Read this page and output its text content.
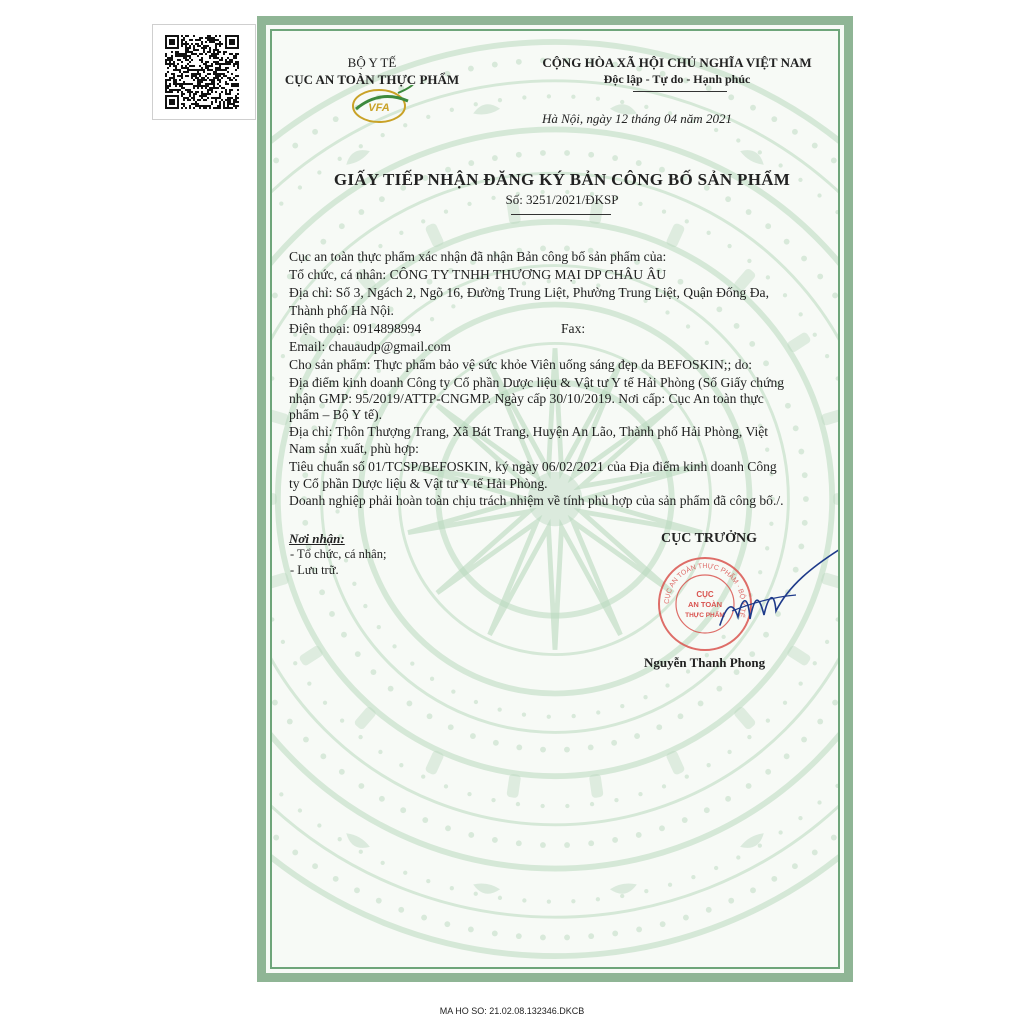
BỘ Y TẾ
CỤC AN TOÀN THỰC PHẨM
VFA
CỘNG HÒA XÃ HỘI CHỦ NGHĨA VIỆT NAM
Độc lập - Tự do - Hạnh phúc
Hà Nội, ngày 12 tháng 04 năm 2021
GIẤY TIẾP NHẬN ĐĂNG KÝ BẢN CÔNG BỐ SẢN PHẨM
Số: 3251/2021/ĐKSP
Cục an toàn thực phẩm xác nhận đã nhận Bản công bố sản phẩm của:
Tổ chức, cá nhân: CÔNG TY TNHH THƯƠNG MẠI DP CHÂU ÂU
Địa chỉ: Số 3, Ngách 2, Ngõ 16, Đường Trung Liệt, Phường Trung Liệt, Quận Đống Đa,
Thành phố Hà Nội.
Điện thoại: 0914898994	Fax:
Email: chauaudp@gmail.com
Cho sản phẩm: Thực phẩm bảo vệ sức khỏe Viên uống sáng đẹp da BEFOSKIN;; do:
Địa điểm kinh doanh Công ty Cổ phần Dược liệu & Vật tư Y tế Hải Phòng (Số Giấy chứng
nhận GMP: 95/2019/ATTP-CNGMP. Ngày cấp 30/10/2019. Nơi cấp: Cục An toàn thực
phẩm – Bộ Y tế).
Địa chỉ: Thôn Thượng Trang, Xã Bát Trang, Huyện An Lão, Thành phố Hải Phòng, Việt
Nam sản xuất, phù hợp:
Tiêu chuẩn số 01/TCSP/BEFOSKIN, ký ngày 06/02/2021 của Địa điểm kinh doanh Công
ty Cổ phần Dược liệu & Vật tư Y tế Hải Phòng.
Doanh nghiệp phải hoàn toàn chịu trách nhiệm về tính phù hợp của sản phẩm đã công bố./.
Nơi nhận:
- Tổ chức, cá nhân;
- Lưu trữ.
CỤC TRƯỞNG
CỤC AN TOÀN THỰC PHẨM · BỘ Y TẾ
CỤC
AN TOÀN
THỰC PHẨM
Nguyễn Thanh Phong
MA HO SO: 21.02.08.132346.DKCB
